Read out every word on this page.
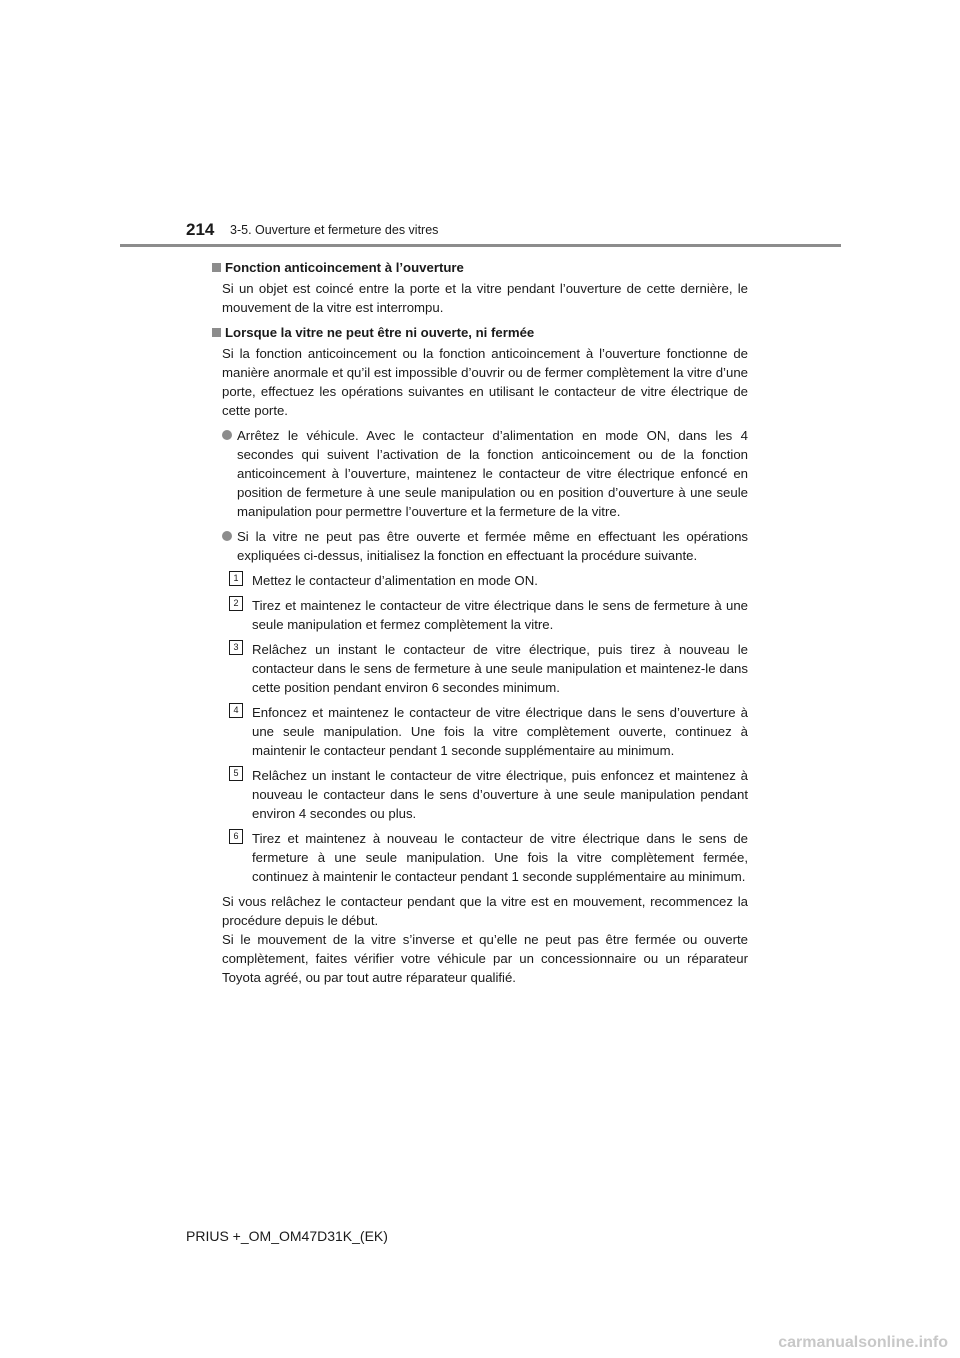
214 3-5. Ouverture et fermeture des vitres
Fonction anticoincement à l’ouverture
Si un objet est coincé entre la porte et la vitre pendant l’ouverture de cette dernière, le mouvement de la vitre est interrompu.
Lorsque la vitre ne peut être ni ouverte, ni fermée
Si la fonction anticoincement ou la fonction anticoincement à l’ouverture fonctionne de manière anormale et qu’il est impossible d’ouvrir ou de fermer complètement la vitre d’une porte, effectuez les opérations suivantes en utilisant le contacteur de vitre électrique de cette porte.
Arrêtez le véhicule. Avec le contacteur d’alimentation en mode ON, dans les 4 secondes qui suivent l’activation de la fonction anticoincement ou de la fonction anticoincement à l’ouverture, maintenez le contacteur de vitre électrique enfoncé en position de fermeture à une seule manipulation ou en position d’ouverture à une seule manipulation pour permettre l’ouverture et la fermeture de la vitre.
Si la vitre ne peut pas être ouverte et fermée même en effectuant les opérations expliquées ci-dessus, initialisez la fonction en effectuant la procédure suivante.
1	Mettez le contacteur d’alimentation en mode ON.
2	Tirez et maintenez le contacteur de vitre électrique dans le sens de fermeture à une seule manipulation et fermez complètement la vitre.
3	Relâchez un instant le contacteur de vitre électrique, puis tirez à nouveau le contacteur dans le sens de fermeture à une seule manipulation et maintenez-le dans cette position pendant environ 6 secondes minimum.
4	Enfoncez et maintenez le contacteur de vitre électrique dans le sens d’ouverture à une seule manipulation. Une fois la vitre complètement ouverte, continuez à maintenir le contacteur pendant 1 seconde supplémentaire au minimum.
5	Relâchez un instant le contacteur de vitre électrique, puis enfoncez et maintenez à nouveau le contacteur dans le sens d’ouverture à une seule manipulation pendant environ 4 secondes ou plus.
6	Tirez et maintenez à nouveau le contacteur de vitre électrique dans le sens de fermeture à une seule manipulation. Une fois la vitre complètement fermée, continuez à maintenir le contacteur pendant 1 seconde supplémentaire au minimum.
Si vous relâchez le contacteur pendant que la vitre est en mouvement, recommencez la procédure depuis le début.
Si le mouvement de la vitre s’inverse et qu’elle ne peut pas être fermée ou ouverte complètement, faites vérifier votre véhicule par un concessionnaire ou un réparateur Toyota agréé, ou par tout autre réparateur qualifié.
PRIUS +_OM_OM47D31K_(EK)
carmanualsonline.info
